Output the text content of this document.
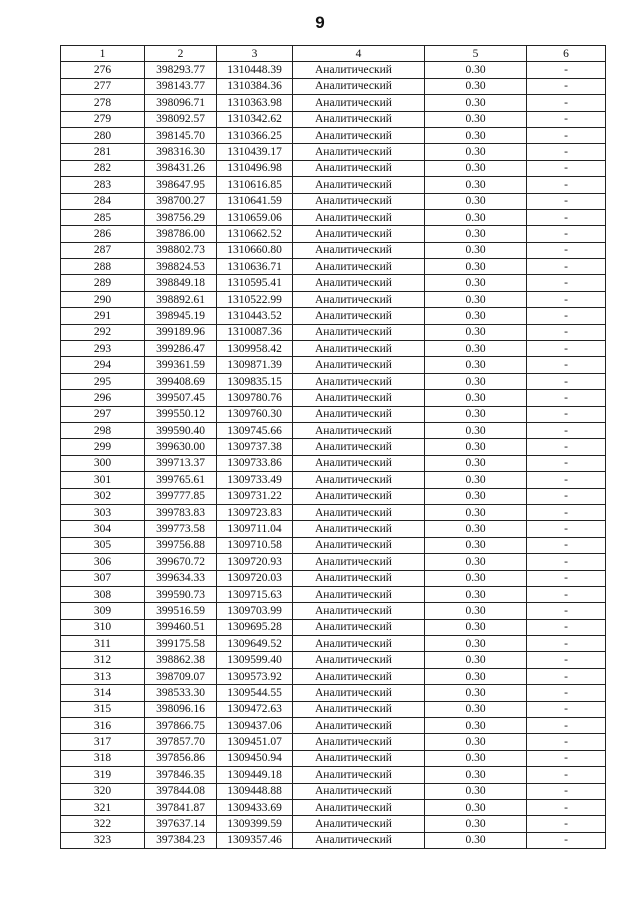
9
1	2	3	4	5	6
276	398293.77	1310448.39	Аналитический	0.30	-
277	398143.77	1310384.36	Аналитический	0.30	-
278	398096.71	1310363.98	Аналитический	0.30	-
279	398092.57	1310342.62	Аналитический	0.30	-
280	398145.70	1310366.25	Аналитический	0.30	-
281	398316.30	1310439.17	Аналитический	0.30	-
282	398431.26	1310496.98	Аналитический	0.30	-
283	398647.95	1310616.85	Аналитический	0.30	-
284	398700.27	1310641.59	Аналитический	0.30	-
285	398756.29	1310659.06	Аналитический	0.30	-
286	398786.00	1310662.52	Аналитический	0.30	-
287	398802.73	1310660.80	Аналитический	0.30	-
288	398824.53	1310636.71	Аналитический	0.30	-
289	398849.18	1310595.41	Аналитический	0.30	-
290	398892.61	1310522.99	Аналитический	0.30	-
291	398945.19	1310443.52	Аналитический	0.30	-
292	399189.96	1310087.36	Аналитический	0.30	-
293	399286.47	1309958.42	Аналитический	0.30	-
294	399361.59	1309871.39	Аналитический	0.30	-
295	399408.69	1309835.15	Аналитический	0.30	-
296	399507.45	1309780.76	Аналитический	0.30	-
297	399550.12	1309760.30	Аналитический	0.30	-
298	399590.40	1309745.66	Аналитический	0.30	-
299	399630.00	1309737.38	Аналитический	0.30	-
300	399713.37	1309733.86	Аналитический	0.30	-
301	399765.61	1309733.49	Аналитический	0.30	-
302	399777.85	1309731.22	Аналитический	0.30	-
303	399783.83	1309723.83	Аналитический	0.30	-
304	399773.58	1309711.04	Аналитический	0.30	-
305	399756.88	1309710.58	Аналитический	0.30	-
306	399670.72	1309720.93	Аналитический	0.30	-
307	399634.33	1309720.03	Аналитический	0.30	-
308	399590.73	1309715.63	Аналитический	0.30	-
309	399516.59	1309703.99	Аналитический	0.30	-
310	399460.51	1309695.28	Аналитический	0.30	-
311	399175.58	1309649.52	Аналитический	0.30	-
312	398862.38	1309599.40	Аналитический	0.30	-
313	398709.07	1309573.92	Аналитический	0.30	-
314	398533.30	1309544.55	Аналитический	0.30	-
315	398096.16	1309472.63	Аналитический	0.30	-
316	397866.75	1309437.06	Аналитический	0.30	-
317	397857.70	1309451.07	Аналитический	0.30	-
318	397856.86	1309450.94	Аналитический	0.30	-
319	397846.35	1309449.18	Аналитический	0.30	-
320	397844.08	1309448.88	Аналитический	0.30	-
321	397841.87	1309433.69	Аналитический	0.30	-
322	397637.14	1309399.59	Аналитический	0.30	-
323	397384.23	1309357.46	Аналитический	0.30	-
